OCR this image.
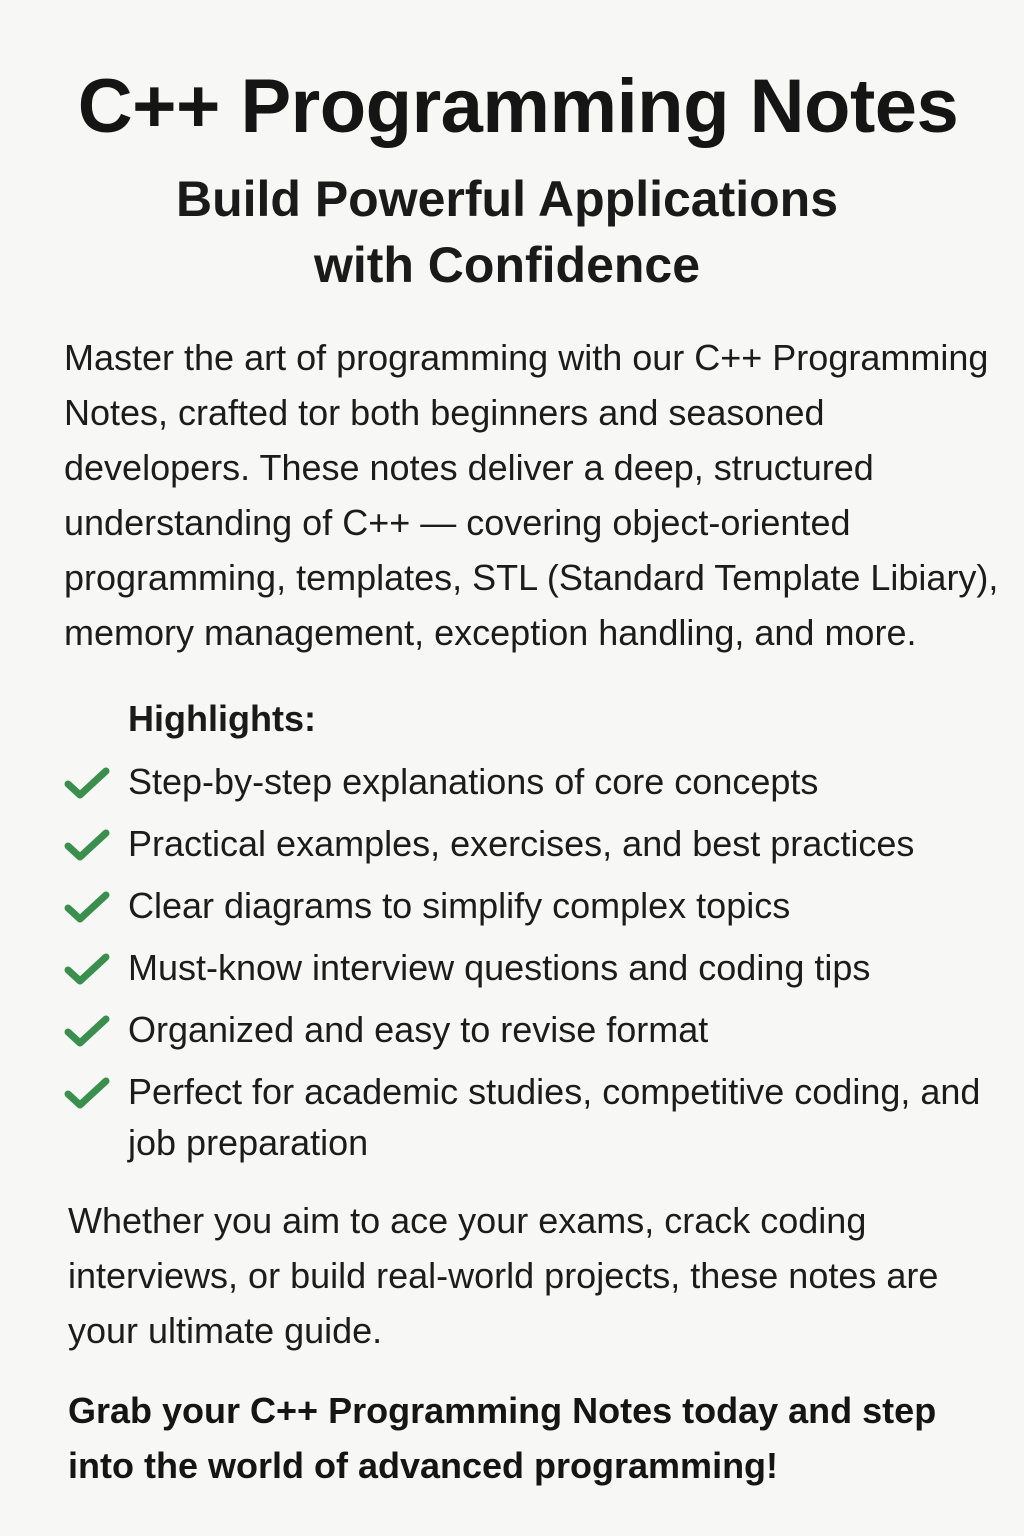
C++ Programming Notes
Build Powerful Applications with Confidence

Master the art of programming with our C++ Programming Notes, crafted tor both beginners and seasoned developers. These notes deliver a deep, structured understanding of C++ — covering object-oriented programming, templates, STL (Standard Template Libiary), memory management, exception handling, and more.

Highlights:
Step-by-step explanations of core concepts
Practical examples, exercises, and best practices
Clear diagrams to simplify complex topics
Must-know interview questions and coding tips
Organized and easy to revise format
Perfect for academic studies, competitive coding, and job preparation

Whether you aim to ace your exams, crack coding interviews, or build real-world projects, these notes are your ultimate guide.

Grab your C++ Programming Notes today and step into the world of advanced programming!
